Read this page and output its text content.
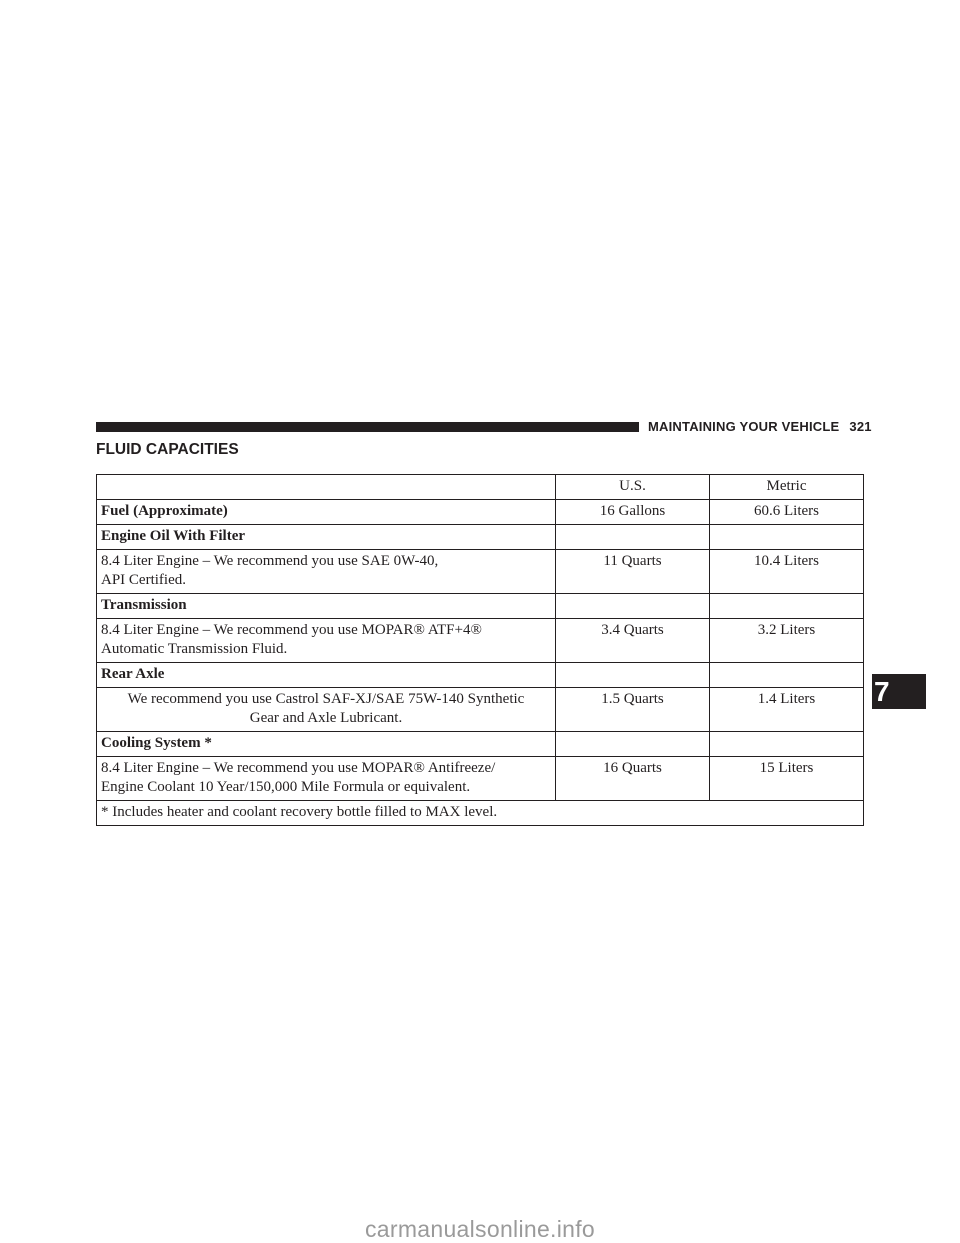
MAINTAINING YOUR VEHICLE 321
FLUID CAPACITIES
7
	U.S.	Metric
Fuel (Approximate)	16 Gallons	60.6 Liters
Engine Oil With Filter		

8.4 Liter Engine – We recommend you use SAE 0W-40,
API Certified.	11 Quarts	10.4 Liters
Transmission		

8.4 Liter Engine – We recommend you use MOPAR® ATF+4®
Automatic Transmission Fluid.	3.4 Quarts	3.2 Liters
Rear Axle		

We recommend you use Castrol SAF-XJ/SAE 75W-140 Synthetic
Gear and Axle Lubricant.	1.5 Quarts	1.4 Liters
Cooling System *		

8.4 Liter Engine – We recommend you use MOPAR® Antifreeze/
Engine Coolant 10 Year/150,000 Mile Formula or equivalent.	16 Quarts	15 Liters
* Includes heater and coolant recovery bottle filled to MAX level.		
carmanualsonline.info
